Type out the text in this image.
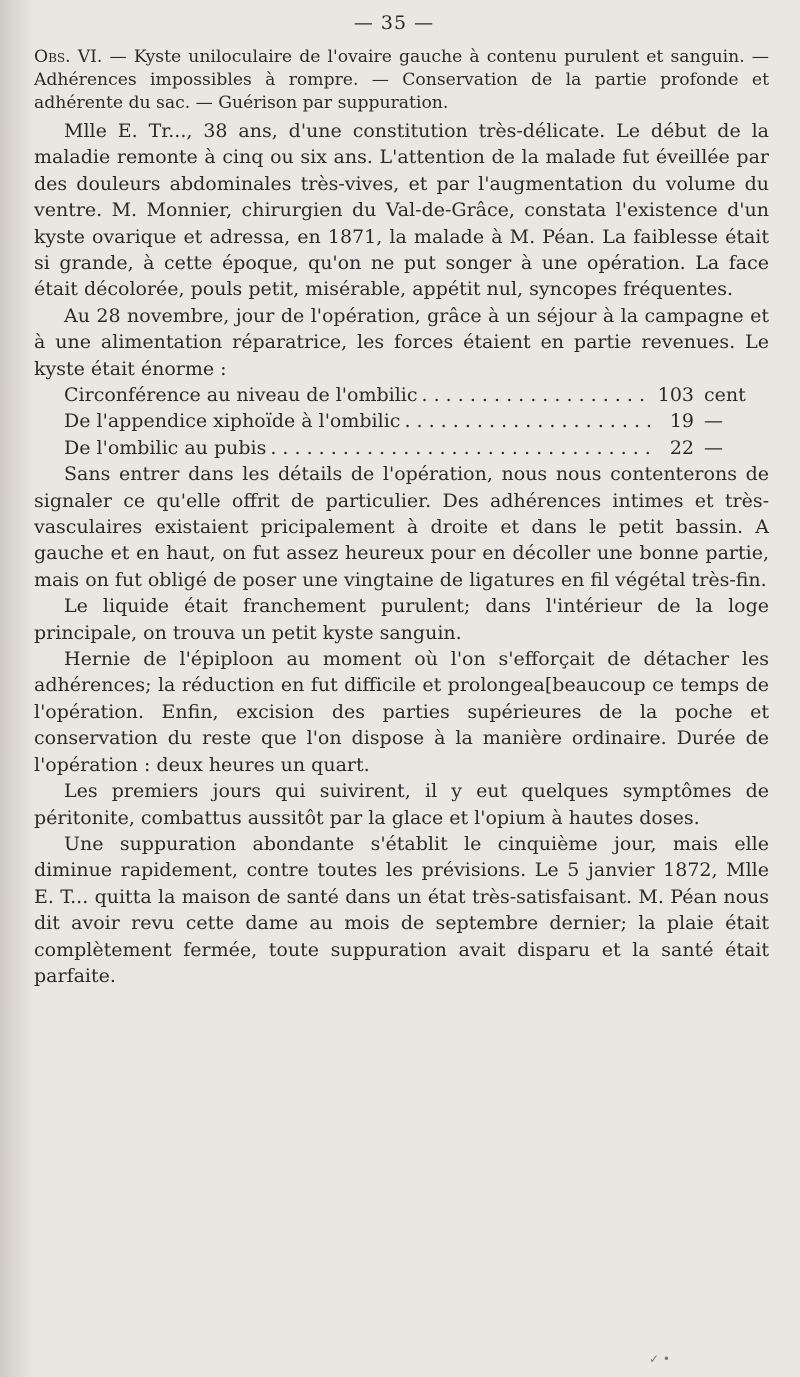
— 35 —
Obs. VI. — Kyste uniloculaire de l'ovaire gauche à contenu purulent et sanguin. — Adhérences impossibles à rompre. — Conservation de la partie profonde et adhérente du sac. — Guérison par suppuration.

Mlle E. Tr..., 38 ans, d'une constitution très-délicate. Le début de la maladie remonte à cinq ou six ans. L'attention de la malade fut éveillée par des douleurs abdominales très-vives, et par l'augmentation du volume du ventre. M. Monnier, chirurgien du Val-de-Grâce, constata l'existence d'un kyste ovarique et adressa, en 1871, la malade à M. Péan. La faiblesse était si grande, à cette époque, qu'on ne put songer à une opération. La face était décolorée, pouls petit, misérable, appétit nul, syncopes fréquentes.

Au 28 novembre, jour de l'opération, grâce à un séjour à la campagne et à une alimentation réparatrice, les forces étaient en partie revenues. Le kyste était énorme :

Circonférence au niveau de l'ombilic . . .	103 cent
De l'appendice xiphoïde à l'ombilic . . .	19 —
De l'ombilic au pubis . . .	22 —

Sans entrer dans les détails de l'opération, nous nous contenterons de signaler ce qu'elle offrit de particulier. Des adhérences intimes et très-vasculaires existaient pricipalement à droite et dans le petit bassin. A gauche et en haut, on fut assez heureux pour en décoller une bonne partie, mais on fut obligé de poser une vingtaine de ligatures en fil végétal très-fin.

Le liquide était franchement purulent; dans l'intérieur de la loge principale, on trouva un petit kyste sanguin.

Hernie de l'épiploon au moment où l'on s'efforçait de détacher les adhérences; la réduction en fut difficile et prolongea[beaucoup ce temps de l'opération. Enfin, excision des parties supérieures de la poche et conservation du reste que l'on dispose à la manière ordinaire. Durée de l'opération : deux heures un quart.

Les premiers jours qui suivirent, il y eut quelques symptômes de péritonite, combattus aussitôt par la glace et l'opium à hautes doses.

Une suppuration abondante s'établit le cinquième jour, mais elle diminue rapidement, contre toutes les prévisions. Le 5 janvier 1872, Mlle E. T... quitta la maison de santé dans un état très-satisfaisant. M. Péan nous dit avoir revu cette dame au mois de septembre dernier; la plaie était complètement fermée, toute suppuration avait disparu et la santé était parfaite.

✓ •
